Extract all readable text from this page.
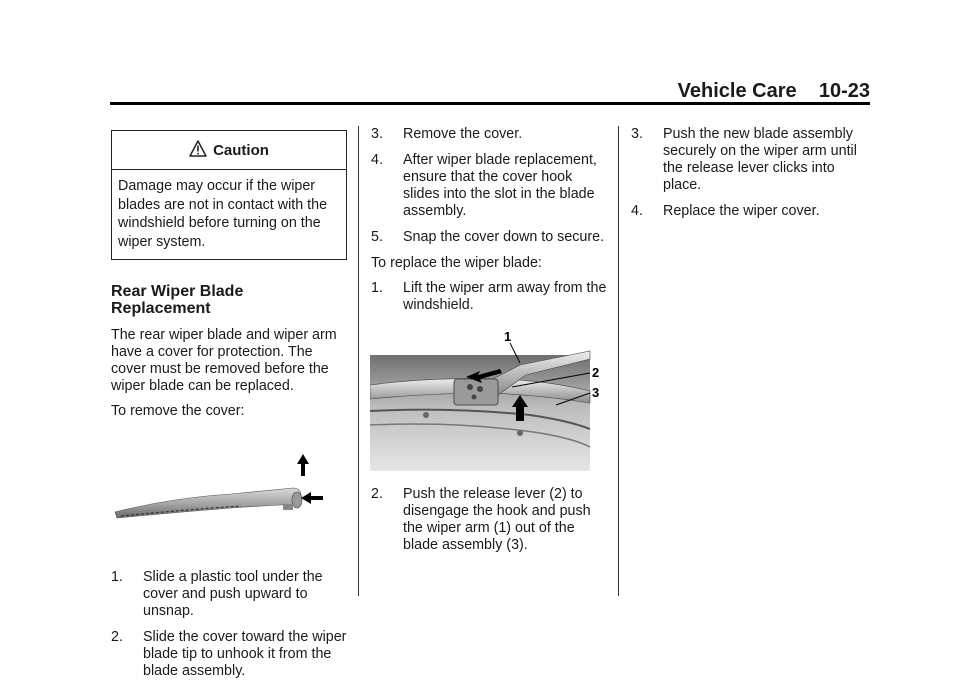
Vehicle Care    10-23
Caution
Damage may occur if the wiper blades are not in contact with the windshield before turning on the wiper system.
Rear Wiper Blade Replacement

The rear wiper blade and wiper arm have a cover for protection. The cover must be removed before the wiper blade can be replaced.

To remove the cover:

1. Slide a plastic tool under the cover and push upward to unsnap.
2. Slide the cover toward the wiper blade tip to unhook it from the blade assembly.
3. Remove the cover.
4. After wiper blade replacement, ensure that the cover hook slides into the slot in the blade assembly.
5. Snap the cover down to secure.

To replace the wiper blade:

1. Lift the wiper arm away from the windshield.
1
2
3
2. Push the release lever (2) to disengage the hook and push the wiper arm (1) out of the blade assembly (3).
3. Push the new blade assembly securely on the wiper arm until the release lever clicks into place.
4. Replace the wiper cover.
